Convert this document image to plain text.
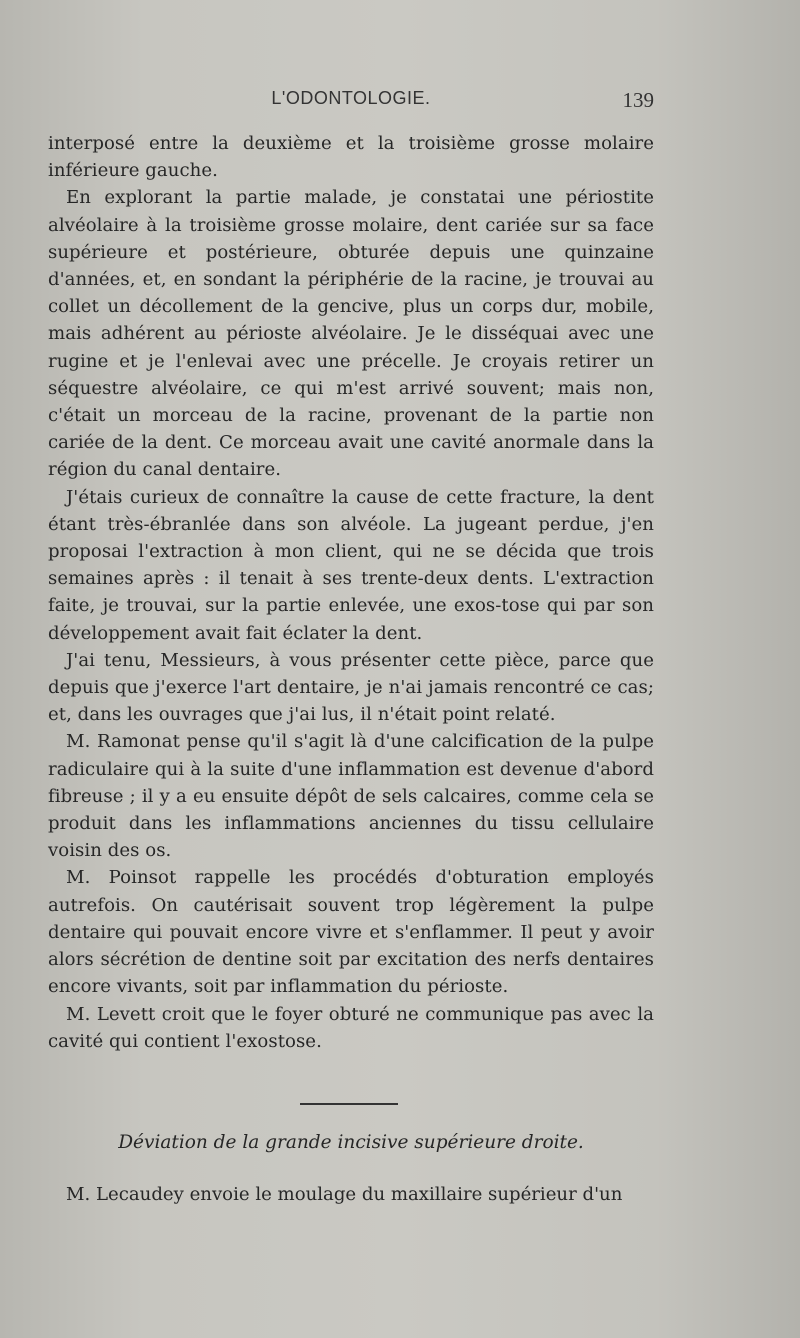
L'ODONTOLOGIE.	139

interposé entre la deuxième et la troisième grosse molaire inférieure gauche.

En explorant la partie malade, je constatai une périostite alvéolaire à la troisième grosse molaire, dent cariée sur sa face supérieure et postérieure, obturée depuis une quinzaine d'années, et, en sondant la périphérie de la racine, je trouvai au collet un décollement de la gencive, plus un corps dur, mobile, mais adhérent au périoste alvéolaire. Je le disséquai avec une rugine et je l'enlevai avec une précelle. Je croyais retirer un séquestre alvéolaire, ce qui m'est arrivé souvent; mais non, c'était un morceau de la racine, provenant de la partie non cariée de la dent. Ce morceau avait une cavité anormale dans la région du canal dentaire.

J'étais curieux de connaître la cause de cette fracture, la dent étant très-ébranlée dans son alvéole. La jugeant perdue, j'en proposai l'extraction à mon client, qui ne se décida que trois semaines après : il tenait à ses trente-deux dents. L'extraction faite, je trouvai, sur la partie enlevée, une exos-tose qui par son développement avait fait éclater la dent.

J'ai tenu, Messieurs, à vous présenter cette pièce, parce que depuis que j'exerce l'art dentaire, je n'ai jamais rencontré ce cas; et, dans les ouvrages que j'ai lus, il n'était point relaté.

M. Ramonat pense qu'il s'agit là d'une calcification de la pulpe radiculaire qui à la suite d'une inflammation est devenue d'abord fibreuse ; il y a eu ensuite dépôt de sels calcaires, comme cela se produit dans les inflammations anciennes du tissu cellulaire voisin des os.

M. Poinsot rappelle les procédés d'obturation employés autrefois. On cautérisait souvent trop légèrement la pulpe dentaire qui pouvait encore vivre et s'enflammer. Il peut y avoir alors sécrétion de dentine soit par excitation des nerfs dentaires encore vivants, soit par inflammation du périoste.

M. Levett croit que le foyer obturé ne communique pas avec la cavité qui contient l'exostose.

Déviation de la grande incisive supérieure droite.

M. Lecaudey envoie le moulage du maxillaire supérieur d'un
